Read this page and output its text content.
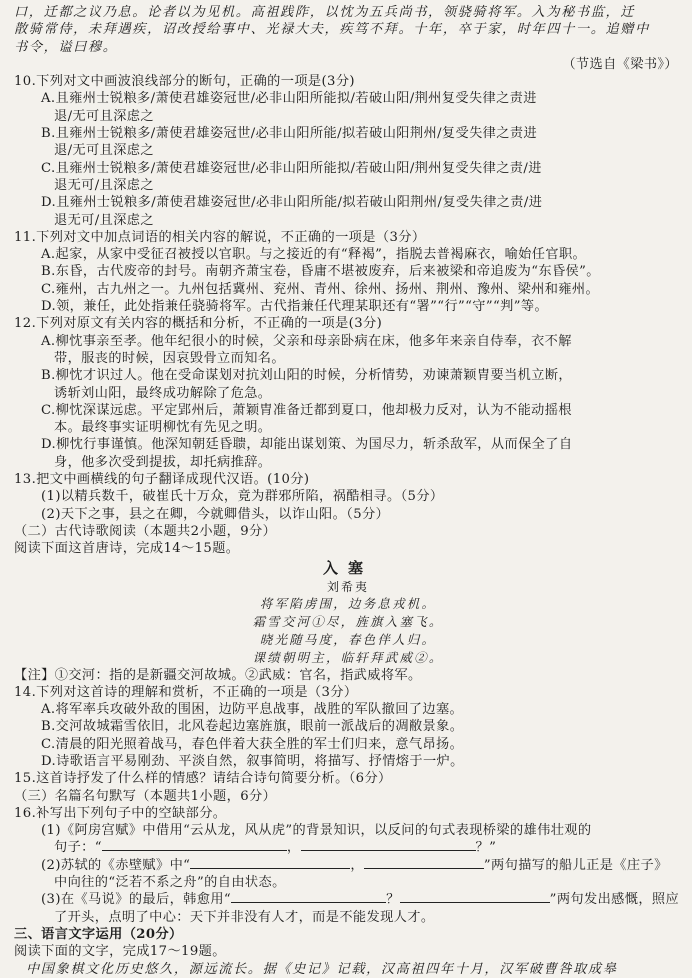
口，迁都之议乃息。论者以为见机。高祖践阼，以忱为五兵尚书，领骁骑将军。入为秘书监，迁
散骑常侍，未拜遇疾，诏改授给事中、光禄大夫，疾笃不拜。十年，卒于家，时年四十一。追赠中
书令，谥曰穆。
（节选自《梁书》）
10.下列对文中画波浪线部分的断句，正确的一项是(3分)
A.且雍州士锐粮多/萧使君雄姿冠世/必非山阳所能拟/若破山阳/荆州复受失律之责进
退/无可且深虑之
B.且雍州士锐粮多/萧使君雄姿冠世/必非山阳所能/拟若破山阳荆州/复受失律之责进
退/无可且深虑之
C.且雍州士锐粮多/萧使君雄姿冠世/必非山阳所能拟/若破山阳/荆州复受失律之责/进
退无可/且深虑之
D.且雍州士锐粮多/萧使君雄姿冠世/必非山阳所能/拟若破山阳荆州/复受失律之责/进
退无可/且深虑之
11.下列对文中加点词语的相关内容的解说，不正确的一项是（3分）
A.起家，从家中受征召被授以官职。与之接近的有“释褐”，指脱去普褐麻衣，喻始任官职。
B.东昏，古代废帝的封号。南朝齐萧宝卷，昏庸不堪被废弃，后来被梁和帝追废为“东昏侯”。
C.雍州，古九州之一。九州包括冀州、兖州、青州、徐州、扬州、荆州、豫州、梁州和雍州。
D.领，兼任，此处指兼任骁骑将军。古代指兼任代理某职还有“署”“行”“守”“判”等。
12.下列对原文有关内容的概括和分析，不正确的一项是(3分)
A.柳忱事亲至孝。他年纪很小的时候，父亲和母亲卧病在床，他多年来亲自侍奉，衣不解
带，服丧的时候，因哀毁骨立而知名。
B.柳忱才识过人。他在受命谋划对抗刘山阳的时候，分析情势，劝谏萧颖胄要当机立断，
诱斩刘山阳，最终成功解除了危急。
C.柳忱深谋远虑。平定郢州后，萧颖胄准备迁都到夏口，他却极力反对，认为不能动摇根
本。最终事实证明柳忱有先见之明。
D.柳忱行事谨慎。他深知朝廷昏聩，却能出谋划策、为国尽力，斩杀敌军，从而保全了自
身，他多次受到提拔，却托病推辞。
13.把文中画横线的句子翻译成现代汉语。(10分)
(1)以精兵数千，破崔氏十万众，竟为群邪所陷，祸酷相寻。（5分）
(2)天下之事，县之在卿，今就卿借头，以诈山阳。（5分）
（二）古代诗歌阅读（本题共2小题，9分）
阅读下面这首唐诗，完成14～15题。
入塞
刘希夷
将军陷虏围，边务息戎机。
霜雪交河①尽，旌旗入塞飞。
晓光随马度，春色伴人归。
课绩朝明主，临轩拜武威②。
【注】①交河：指的是新疆交河故城。②武威：官名，指武威将军。
14.下列对这首诗的理解和赏析，不正确的一项是（3分）
A.将军率兵攻破外敌的围困，边防平息战事，战胜的军队撤回了边塞。
B.交河故城霜雪依旧，北风卷起边塞旌旗，眼前一派战后的凋敝景象。
C.清晨的阳光照着战马，春色伴着大获全胜的军士们归来，意气昂扬。
D.诗歌语言平易刚劲、平淡自然，叙事简明，将描写、抒情熔于一炉。
15.这首诗抒发了什么样的情感？请结合诗句简要分析。（6分）
（三）名篇名句默写（本题共1小题，6分）
16.补写出下列句子中的空缺部分。
(1)《阿房宫赋》中借用“云从龙，风从虎”的背景知识，以反问的句式表现桥梁的雄伟壮观的
句子：“	，	？”
(2)苏轼的《赤壁赋》中“	，	”两句描写的船儿正是《庄子》
中向往的“泛若不系之舟”的自由状态。
(3)在《马说》的最后，韩愈用“	？	”两句发出感慨，照应
了开头，点明了中心：天下并非没有人才，而是不能发现人才。
三、语言文字运用（20分）
阅读下面的文字，完成17～19题。
中国象棋文化历史悠久，源远流长。据《史记》记载，汉高祖四年十月，汉军破曹咎取成皋
